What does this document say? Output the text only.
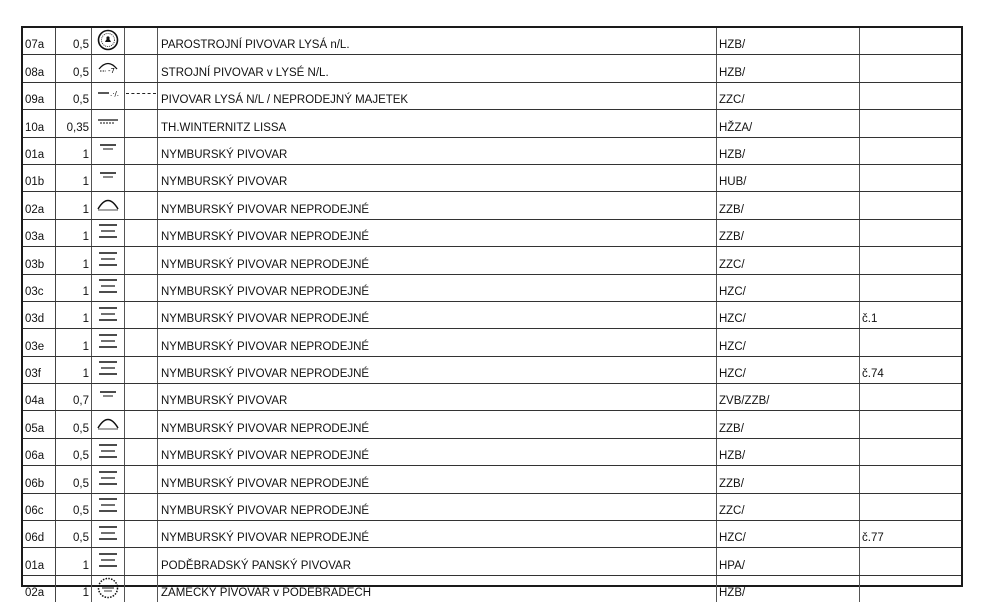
07a	0,5			PAROSTROJNÍ PIVOVAR LYSÁ n/L.	HZB/	

08a	0,5	-7		STROJNÍ PIVOVAR v LYSÉ N/L.	HZB/	

09a	0,5	.·/.		PIVOVAR LYSÁ N/L / NEPRODEJNÝ MAJETEK	ZZC/	

10a	0,35			TH.WINTERNITZ LISSA	HŽZA/	

01a	1			NYMBURSKÝ PIVOVAR	HZB/	

01b	1			NYMBURSKÝ PIVOVAR	HUB/	

02a	1			NYMBURSKÝ PIVOVAR NEPRODEJNÉ	ZZB/	

03a	1			NYMBURSKÝ PIVOVAR NEPRODEJNÉ	ZZB/	

03b	1			NYMBURSKÝ PIVOVAR NEPRODEJNÉ	ZZC/	

03c	1			NYMBURSKÝ PIVOVAR NEPRODEJNÉ	HZC/	

03d	1			NYMBURSKÝ PIVOVAR NEPRODEJNÉ	HZC/	č.1

03e	1			NYMBURSKÝ PIVOVAR NEPRODEJNÉ	HZC/	

03f	1			NYMBURSKÝ PIVOVAR NEPRODEJNÉ	HZC/	č.74

04a	0,7			NYMBURSKÝ PIVOVAR	ZVB/ZZB/	

05a	0,5			NYMBURSKÝ PIVOVAR NEPRODEJNÉ	ZZB/	

06a	0,5			NYMBURSKÝ PIVOVAR NEPRODEJNÉ	HZB/	

06b	0,5			NYMBURSKÝ PIVOVAR NEPRODEJNÉ	ZZB/	

06c	0,5			NYMBURSKÝ PIVOVAR NEPRODEJNÉ	ZZC/	

06d	0,5			NYMBURSKÝ PIVOVAR NEPRODEJNÉ	HZC/	č.77

01a	1			PODĚBRADSKÝ PANSKÝ PIVOVAR	HPA/	

02a	1			ZÁMECKÝ PIVOVAR v PODĚBRADECH	HZB/	
